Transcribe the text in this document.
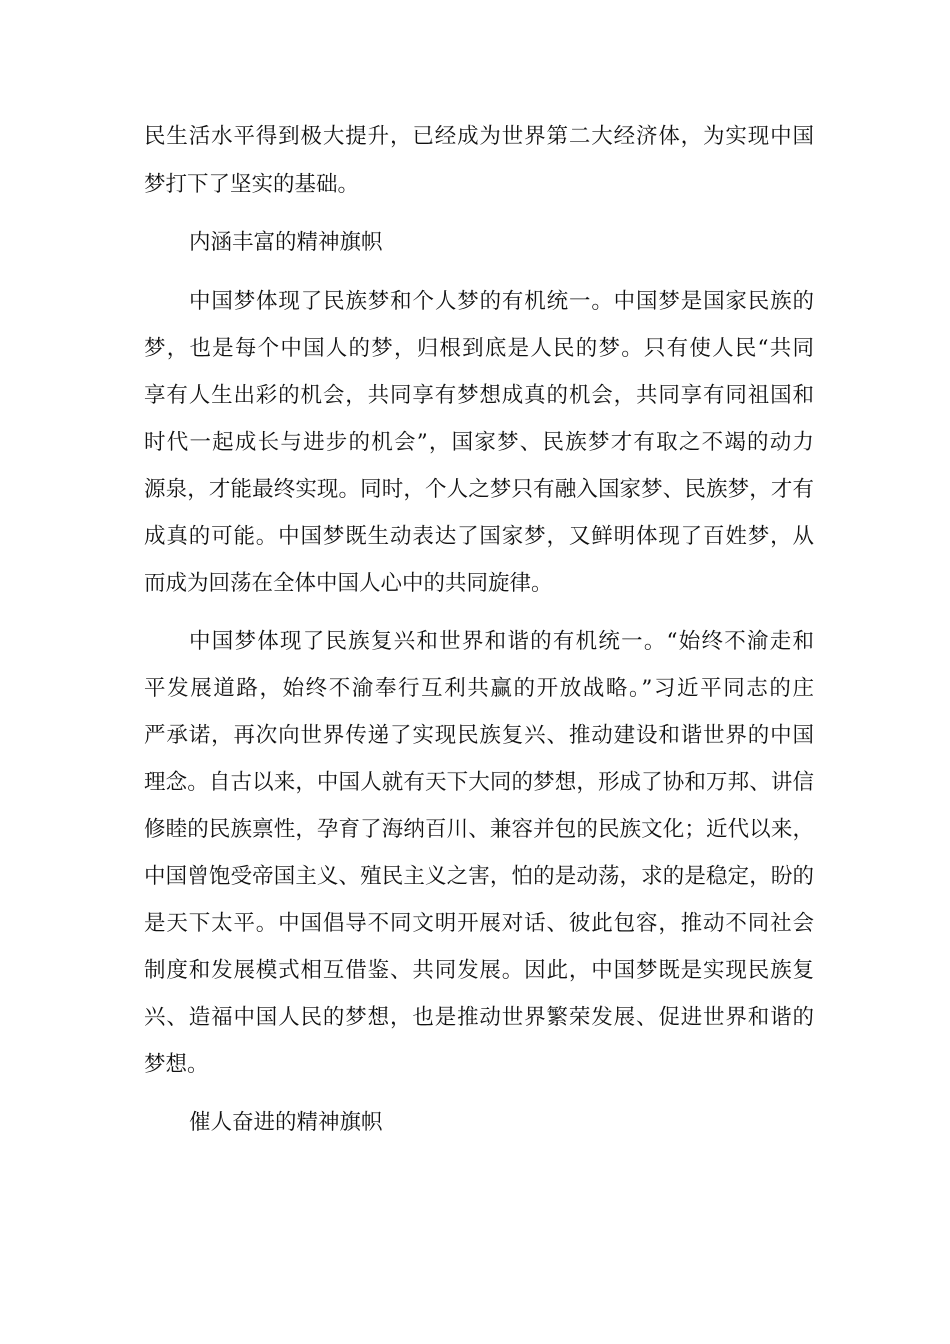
民生活水平得到极大提升，已经成为世界第二大经济体，为实现中国
梦打下了坚实的基础。
内涵丰富的精神旗帜
中国梦体现了民族梦和个人梦的有机统一。中国梦是国家民族的
梦，也是每个中国人的梦，归根到底是人民的梦。只有使人民“共同
享有人生出彩的机会，共同享有梦想成真的机会，共同享有同祖国和
时代一起成长与进步的机会”，国家梦、民族梦才有取之不竭的动力
源泉，才能最终实现。同时，个人之梦只有融入国家梦、民族梦，才有
成真的可能。中国梦既生动表达了国家梦，又鲜明体现了百姓梦，从
而成为回荡在全体中国人心中的共同旋律。
中国梦体现了民族复兴和世界和谐的有机统一。“始终不渝走和
平发展道路，始终不渝奉行互利共赢的开放战略。”习近平同志的庄
严承诺，再次向世界传递了实现民族复兴、推动建设和谐世界的中国
理念。自古以来，中国人就有天下大同的梦想，形成了协和万邦、讲信
修睦的民族禀性，孕育了海纳百川、兼容并包的民族文化；近代以来，
中国曾饱受帝国主义、殖民主义之害，怕的是动荡，求的是稳定，盼的
是天下太平。中国倡导不同文明开展对话、彼此包容，推动不同社会
制度和发展模式相互借鉴、共同发展。因此，中国梦既是实现民族复
兴、造福中国人民的梦想，也是推动世界繁荣发展、促进世界和谐的
梦想。
催人奋进的精神旗帜
